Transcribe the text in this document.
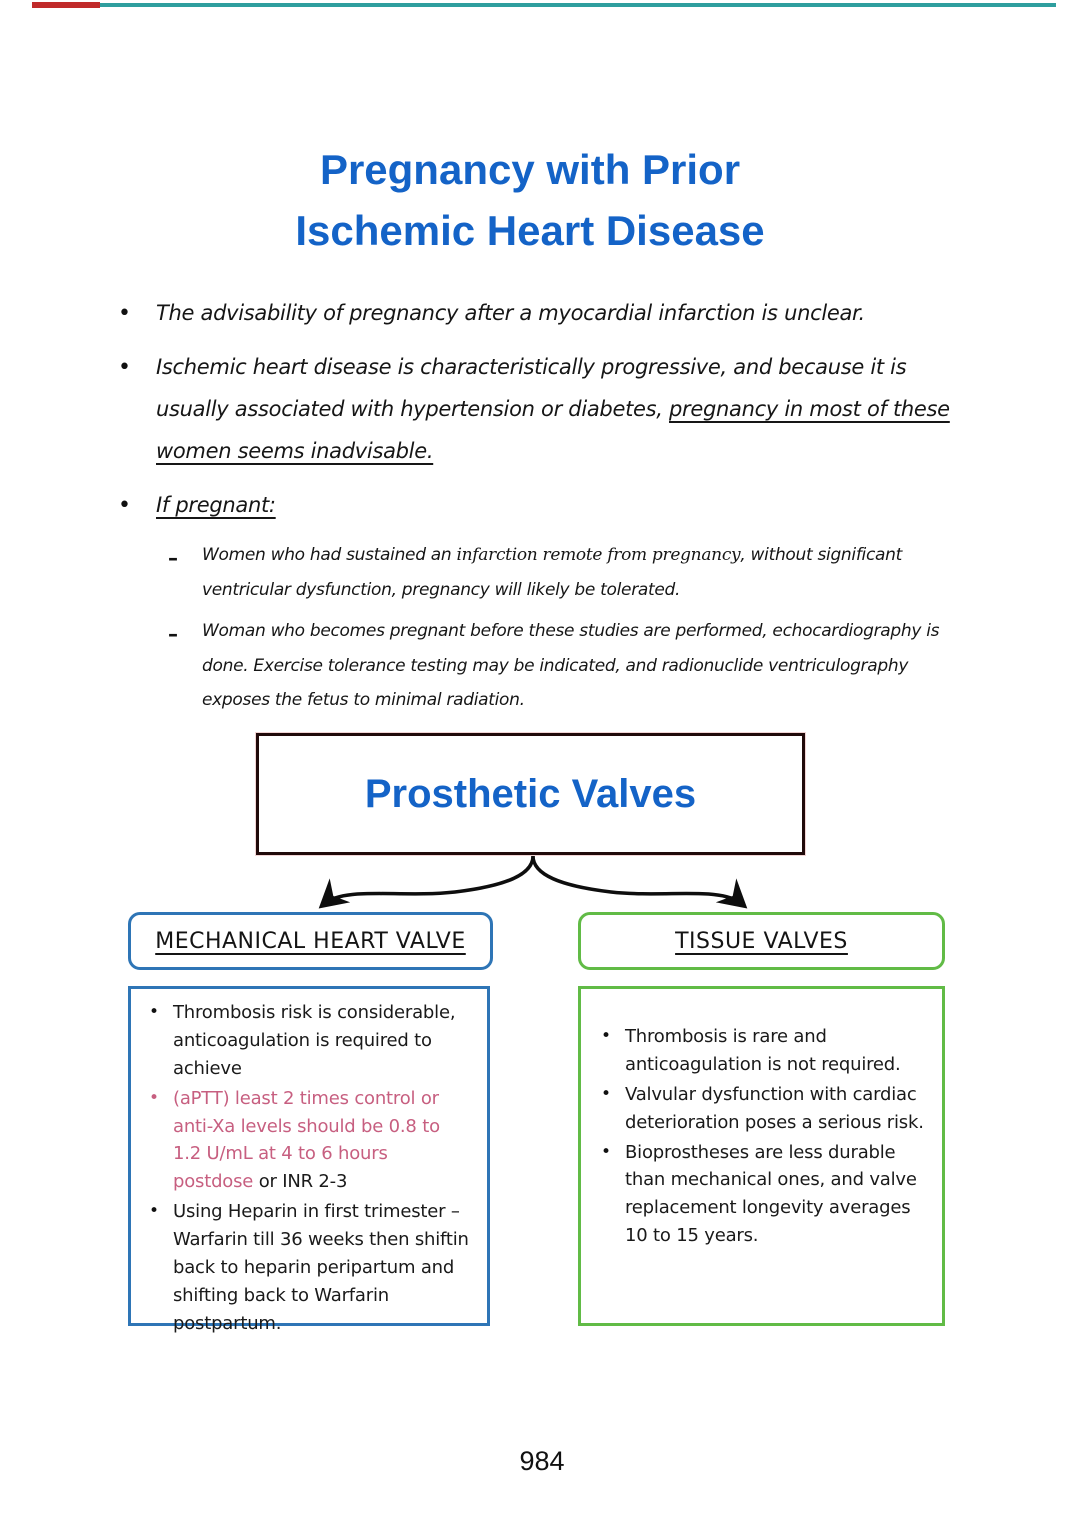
Pregnancy with Prior
Ischemic Heart Disease
• The advisability of pregnancy after a myocardial infarction is unclear.
• Ischemic heart disease is characteristically progressive, and because it is usually associated with hypertension or diabetes, pregnancy in most of these women seems inadvisable.
• If pregnant:
– Women who had sustained an infarction remote from pregnancy, without significant ventricular dysfunction, pregnancy will likely be tolerated.
– Woman who becomes pregnant before these studies are performed, echocardiography is done. Exercise tolerance testing may be indicated, and radionuclide ventriculography exposes the fetus to minimal radiation.
Prosthetic Valves
MECHANICAL HEART VALVE	TISSUE VALVES
• Thrombosis risk is considerable, anticoagulation is required to achieve
• (aPTT) least 2 times control or anti-Xa levels should be 0.8 to 1.2 U/mL at 4 to 6 hours postdose or INR 2-3
• Using Heparin in first trimester – Warfarin till 36 weeks then shiftin back to heparin peripartum and shifting back to Warfarin postpartum.
• Thrombosis is rare and anticoagulation is not required.
• Valvular dysfunction with cardiac deterioration poses a serious risk.
• Bioprostheses are less durable than mechanical ones, and valve replacement longevity averages 10 to 15 years.
984
